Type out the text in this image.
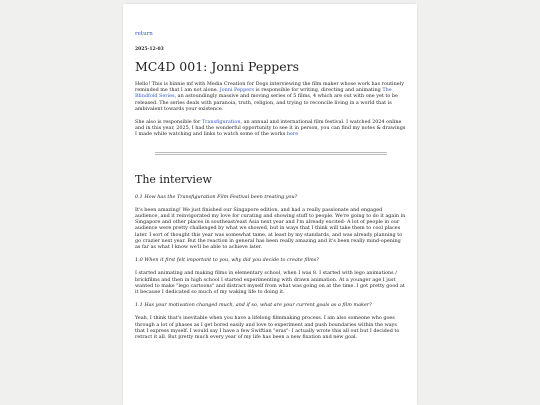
return
2025-12-03
MC4D 001: Jonni Peppers

Hello! This is binnie mf with Media Creation for Dogs interviewing the film maker whose work has routinely reminded me that I am not alone. Jonni Peppers is responsible for writing, directing and animating The Blindfold Series, an astoundingly massive and moving series of 5 films, 4 which are out with one yet to be released. The series deals with paranoia, truth, religion, and trying to reconcile living in a world that is ambivalent towards your existence.

She also is responsible for Transfiguration, an annual and international film festival. I watched 2024 online and in this year, 2025, I had the wonderful opportunity to see it in person, you can find my notes & drawings I made while watching and links to watch some of the works here

The interview

0.1 How has the Transfiguration Film Festival been treating you?

It's been amazing! We just finished our Singapore edition, and had a really passionate and engaged audience, and it reinvigorated my love for curating and showing stuff to people. We're going to do it again in Singapore and other places in southeast/east Asia next year and I'm already excited- A lot of people in our audience were pretty challenged by what we showed, but in ways that I think will take them to cool places later. I sort of thought this year was somewhat tame, at least by my standards, and was already planning to go crazier next year. But the reaction in general has been really amazing and it's been really mind-opening as far as what I know we'll be able to achieve later.

1.0 When it first felt important to you, why did you decide to create films?

I started animating and making films in elementary school, when I was 8. I started with lego animations / brickfilms and then in high school I started experimenting with drawn animation. At a younger age I just wanted to make "lego cartoons" and distract myself from what was going on at the time. I got pretty good at it because I dedicated so much of my waking life to doing it.

1.1 Has your motivation changed much, and if so, what are your current goals as a film maker?

Yeah, I think that's inevitable when you have a lifelong filmmaking process. I am also someone who goes through a lot of phases as I get bored easily and love to experiment and push boundaries within the ways that I express myself. I would say I have a few Swiftian "eras"- I actually wrote this all out but I decided to retract it all. But pretty much every year of my life has been a new fixation and new goal.
